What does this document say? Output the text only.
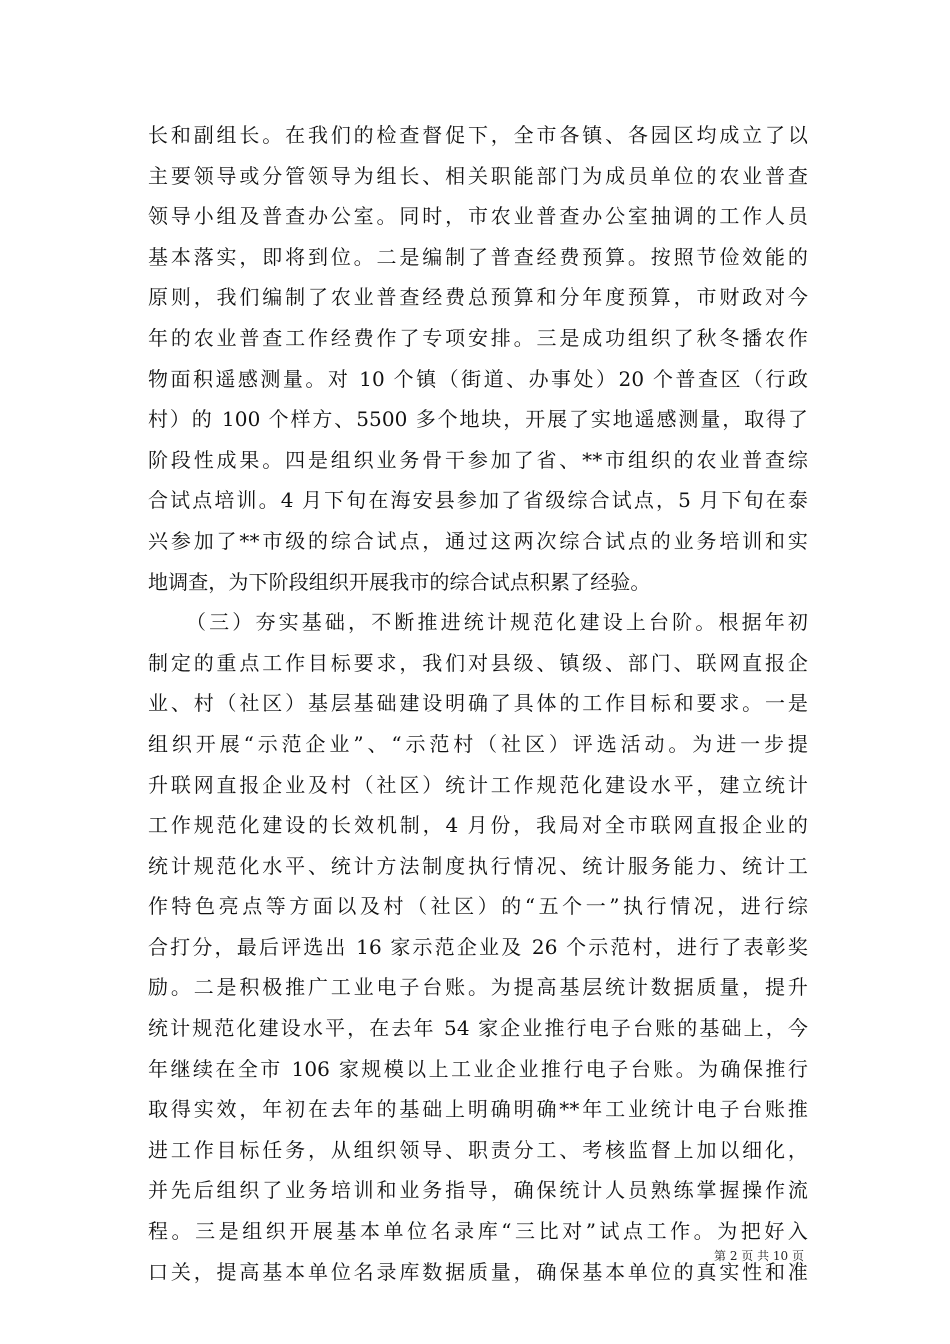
长和副组长。在我们的检查督促下，全市各镇、各园区均成立了以
主要领导或分管领导为组长、相关职能部门为成员单位的农业普查
领导小组及普查办公室。同时，市农业普查办公室抽调的工作人员
基本落实，即将到位。二是编制了普查经费预算。按照节俭效能的
原则，我们编制了农业普查经费总预算和分年度预算，市财政对今
年的农业普查工作经费作了专项安排。三是成功组织了秋冬播农作
物面积遥感测量。对 10 个镇（街道、办事处）20 个普查区（行政
村）的 100 个样方、5500 多个地块，开展了实地遥感测量，取得了
阶段性成果。四是组织业务骨干参加了省、**市组织的农业普查综
合试点培训。4 月下旬在海安县参加了省级综合试点，5 月下旬在泰
兴参加了**市级的综合试点，通过这两次综合试点的业务培训和实
地调查，为下阶段组织开展我市的综合试点积累了经验。
（三）夯实基础，不断推进统计规范化建设上台阶。根据年初
制定的重点工作目标要求，我们对县级、镇级、部门、联网直报企
业、村（社区）基层基础建设明确了具体的工作目标和要求。一是
组织开展“示范企业”、“示范村（社区）评选活动。为进一步提
升联网直报企业及村（社区）统计工作规范化建设水平，建立统计
工作规范化建设的长效机制，4 月份，我局对全市联网直报企业的
统计规范化水平、统计方法制度执行情况、统计服务能力、统计工
作特色亮点等方面以及村（社区）的“五个一”执行情况，进行综
合打分，最后评选出 16 家示范企业及 26 个示范村，进行了表彰奖
励。二是积极推广工业电子台账。为提高基层统计数据质量，提升
统计规范化建设水平，在去年 54 家企业推行电子台账的基础上，今
年继续在全市 106 家规模以上工业企业推行电子台账。为确保推行
取得实效，年初在去年的基础上明确明确**年工业统计电子台账推
进工作目标任务，从组织领导、职责分工、考核监督上加以细化，
并先后组织了业务培训和业务指导，确保统计人员熟练掌握操作流
程。三是组织开展基本单位名录库“三比对”试点工作。为把好入
口关，提高基本单位名录库数据质量，确保基本单位的真实性和准
第 2 页 共 10 页
